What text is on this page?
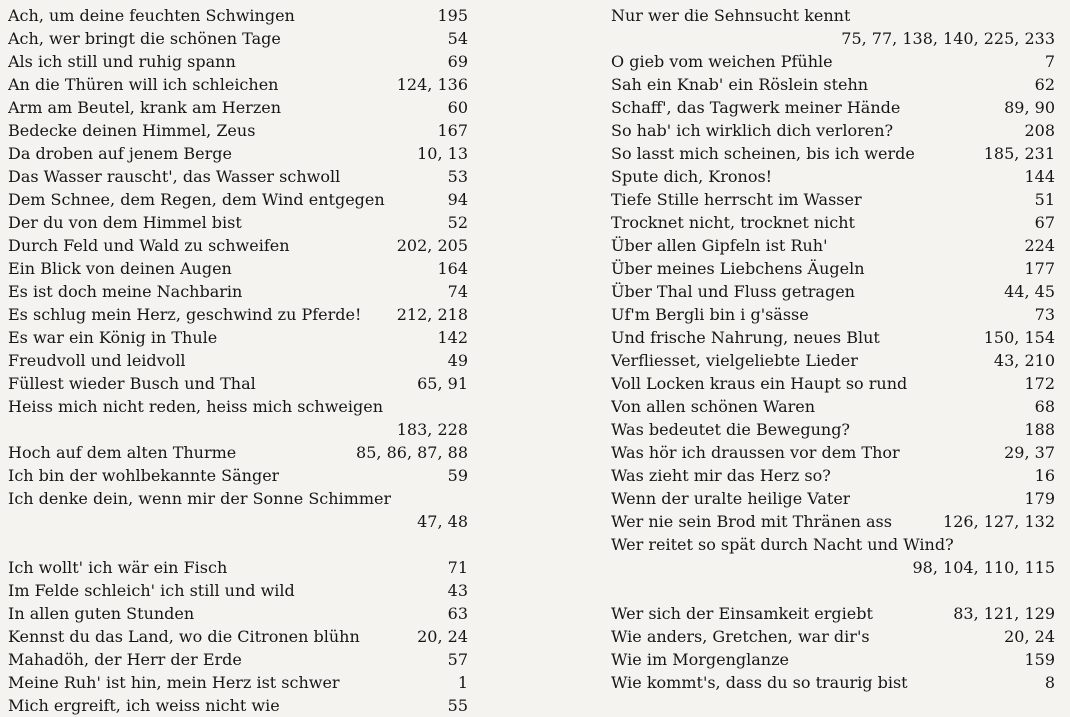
Ach, um deine feuchten Schwingen	195
Ach, wer bringt die schönen Tage	54
Als ich still und ruhig spann	69
An die Thüren will ich schleichen	124, 136
Arm am Beutel, krank am Herzen	60
Bedecke deinen Himmel, Zeus	167
Da droben auf jenem Berge	10, 13
Das Wasser rauscht', das Wasser schwoll	53
Dem Schnee, dem Regen, dem Wind entgegen	94
Der du von dem Himmel bist	52
Durch Feld und Wald zu schweifen	202, 205
Ein Blick von deinen Augen	164
Es ist doch meine Nachbarin	74
Es schlug mein Herz, geschwind zu Pferde!	212, 218
Es war ein König in Thule	142
Freudvoll und leidvoll	49
Füllest wieder Busch und Thal	65, 91
Heiss mich nicht reden, heiss mich schweigen
183, 228
Hoch auf dem alten Thurme	85, 86, 87, 88
Ich bin der wohlbekannte Sänger	59
Ich denke dein, wenn mir der Sonne Schimmer
47, 48
Ich wollt' ich wär ein Fisch	71
Im Felde schleich' ich still und wild	43
In allen guten Stunden	63
Kennst du das Land, wo die Citronen blühn	20, 24
Mahadöh, der Herr der Erde	57
Meine Ruh' ist hin, mein Herz ist schwer	1
Mich ergreift, ich weiss nicht wie	55
Nur wer die Sehnsucht kennt
75, 77, 138, 140, 225, 233
O gieb vom weichen Pfühle	7
Sah ein Knab' ein Röslein stehn	62
Schaff', das Tagwerk meiner Hände	89, 90
So hab' ich wirklich dich verloren?	208
So lasst mich scheinen, bis ich werde	185, 231
Spute dich, Kronos!	144
Tiefe Stille herrscht im Wasser	51
Trocknet nicht, trocknet nicht	67
Über allen Gipfeln ist Ruh'	224
Über meines Liebchens Äugeln	177
Über Thal und Fluss getragen	44, 45
Uf'm Bergli bin i g'sässe	73
Und frische Nahrung, neues Blut	150, 154
Verfliesset, vielgeliebte Lieder	43, 210
Voll Locken kraus ein Haupt so rund	172
Von allen schönen Waren	68
Was bedeutet die Bewegung?	188
Was hör ich draussen vor dem Thor	29, 37
Was zieht mir das Herz so?	16
Wenn der uralte heilige Vater	179
Wer nie sein Brod mit Thränen ass	126, 127, 132
Wer reitet so spät durch Nacht und Wind?
98, 104, 110, 115
Wer sich der Einsamkeit ergiebt	83, 121, 129
Wie anders, Gretchen, war dir's	20, 24
Wie im Morgenglanze	159
Wie kommt's, dass du so traurig bist	8
